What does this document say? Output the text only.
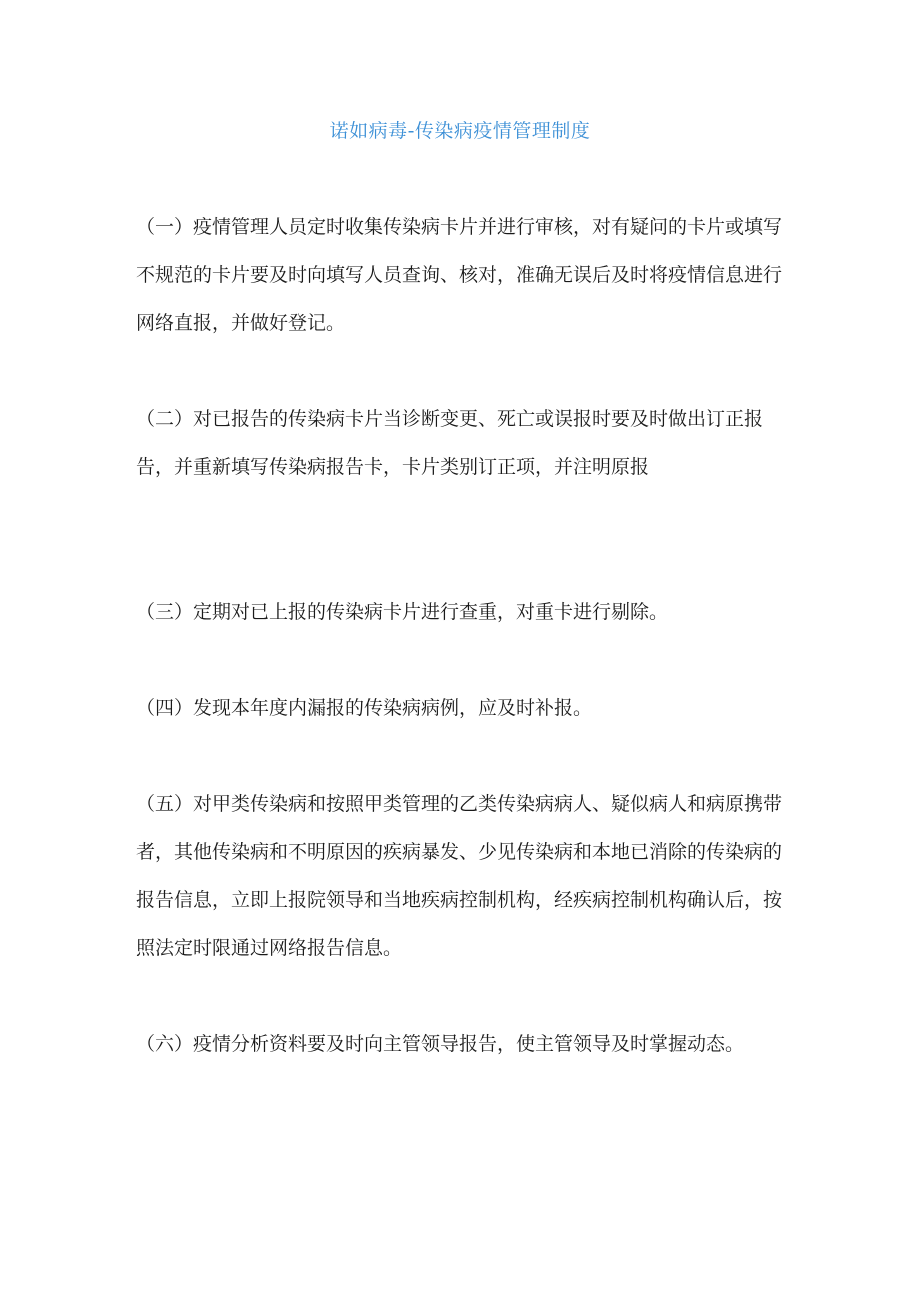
诺如病毒-传染病疫情管理制度

（一）疫情管理人员定时收集传染病卡片并进行审核，对有疑问的卡片或填写不规范的卡片要及时向填写人员查询、核对，准确无误后及时将疫情信息进行网络直报，并做好登记。

（二）对已报告的传染病卡片当诊断变更、死亡或误报时要及时做出订正报告，并重新填写传染病报告卡，卡片类别订正项，并注明原报

（三）定期对已上报的传染病卡片进行查重，对重卡进行剔除。

（四）发现本年度内漏报的传染病病例，应及时补报。

（五）对甲类传染病和按照甲类管理的乙类传染病病人、疑似病人和病原携带者，其他传染病和不明原因的疾病暴发、少见传染病和本地已消除的传染病的报告信息，立即上报院领导和当地疾病控制机构，经疾病控制机构确认后，按照法定时限通过网络报告信息。

（六）疫情分析资料要及时向主管领导报告，使主管领导及时掌握动态。
